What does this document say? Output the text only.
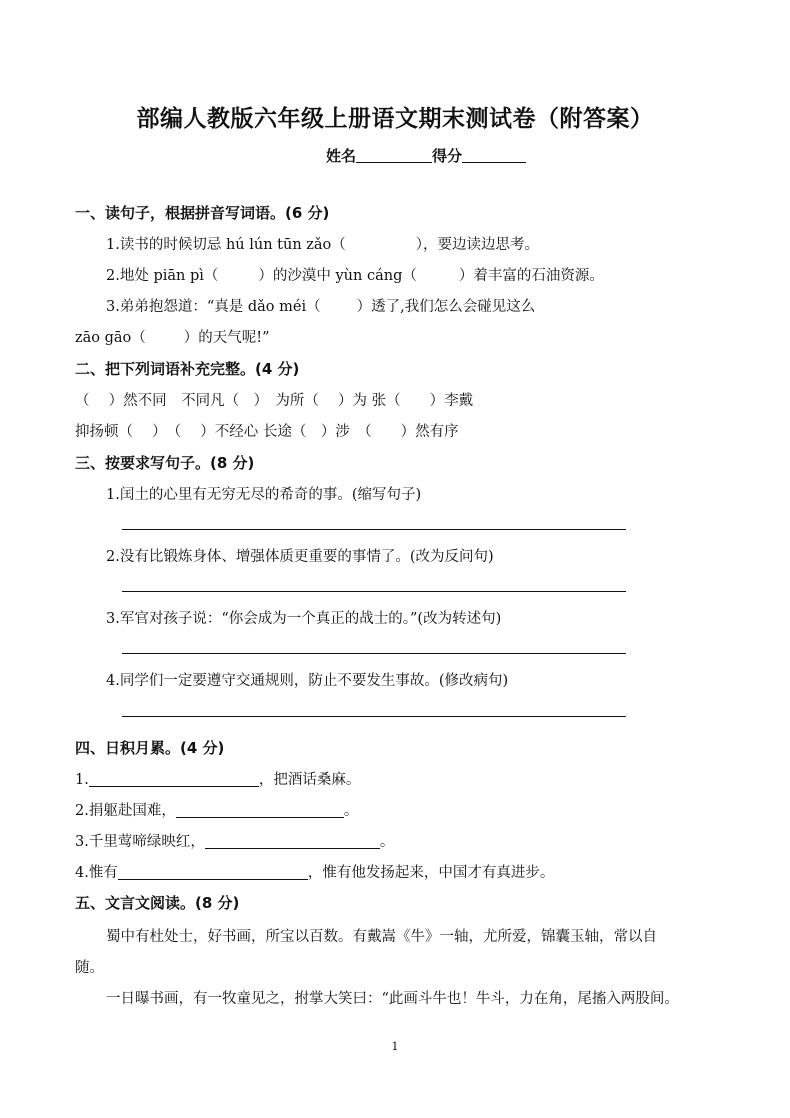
部编人教版六年级上册语文期末测试卷（附答案）
姓名	得分
一、读句子，根据拼音写词语。(6 分)
1.读书的时候切忌 hú lún tūn zǎo（	），要边读边思考。
2.地处 piān pì（	）的沙漠中 yùn cáng（	）着丰富的石油资源。
3.弟弟抱怨道：“真是 dǎo méi（ ）透了,我们怎么会碰见这么
zāo gāo（	）的天气呢!”
二、把下列词语补充完整。(4 分)
（　 ）然不同　不同凡（　）　为所（　 ）为 张（　　）李戴
抑扬顿（　 ）　（　 ）不经心 长途（　）涉　（　　）然有序
三、按要求写句子。(8 分)
1.闰土的心里有无穷无尽的希奇的事。(缩写句子)
2.没有比锻炼身体、增强体质更重要的事情了。(改为反问句)
3.军官对孩子说：“你会成为一个真正的战士的。”(改为转述句)
4.同学们一定要遵守交通规则，防止不要发生事故。(修改病句)
四、日积月累。(4 分)
1.	，把酒话桑麻。
2.捐躯赴国难，	。
3.千里莺啼绿映红，	。
4.惟有	，惟有他发扬起来，中国才有真进步。
五、文言文阅读。(8 分)
蜀中有杜处士，好书画，所宝以百数。有戴嵩《牛》一轴，尤所爱，锦囊玉轴，常以自
随。
一日曝书画，有一牧童见之，拊掌大笑曰：“此画斗牛也！牛斗，力在角，尾搐入两股间。
1
